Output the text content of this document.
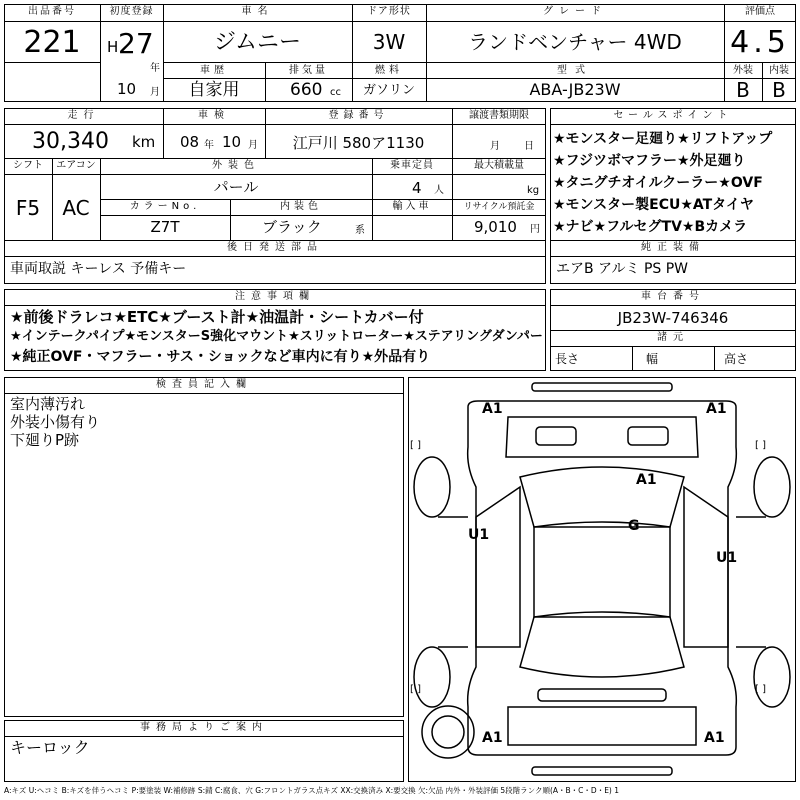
出品番号
221
初度登録
H 27
年
10 月
車名
ジムニー
ドア形状
3W
グレード
ランドベンチャー 4WD
評価点
4.5
車歴
自家用
排気量
660 cc
燃料
ガソリン
型式
ABA-JB23W
外装	内装
B	B
走行
30,340 km
車検
08 年 10 月
登録番号
江戸川 580ア1130
譲渡書類期限
月 日
シフト
F5
エアコン
AC
外装色
パール
乗車定員
4 人
最大積載量
kg
カラーNo.
Z7T
内装色
ブラック	系
輸入車	リサイクル預託金
9,010 円
後日発送部品
車両取説 キーレス 予備キー
セールスポイント
★モンスター足廻り★リフトアップ
★フジツボマフラー★外足廻り
★タニグチオイルクーラー★OVF
★モンスター製ECU★ATタイヤ
★ナビ★フルセグTV★Bカメラ
純正装備
エアB アルミ PS PW
注意事項欄
★前後ドラレコ★ETC★ブースト計★油温計・シートカバー付
★インテークパイプ★モンスターS強化マウント★スリットローター★ステアリングダンパー
★純正OVF・マフラー・サス・ショックなど車内に有り★外品有り
車台番号
JB23W-746346
諸元
長さ	幅	高さ
検査員記入欄
室内薄汚れ
外装小傷有り
下廻りP跡
事務局よりご案内
キーロック
A1	A1
A1
G
U1
U1
A1	A1
[ ]	[ ]
[ ]	[ ]
A:キズ U:ヘコミ B:キズを伴うヘコミ P:要塗装 W:補修跡 S:錆 C:腐食、穴 G:フロントガラス点キズ XX:交換済み X:要交換 欠:欠品 内外・外装評価 5段階ランク順(A・B・C・D・E) 1
